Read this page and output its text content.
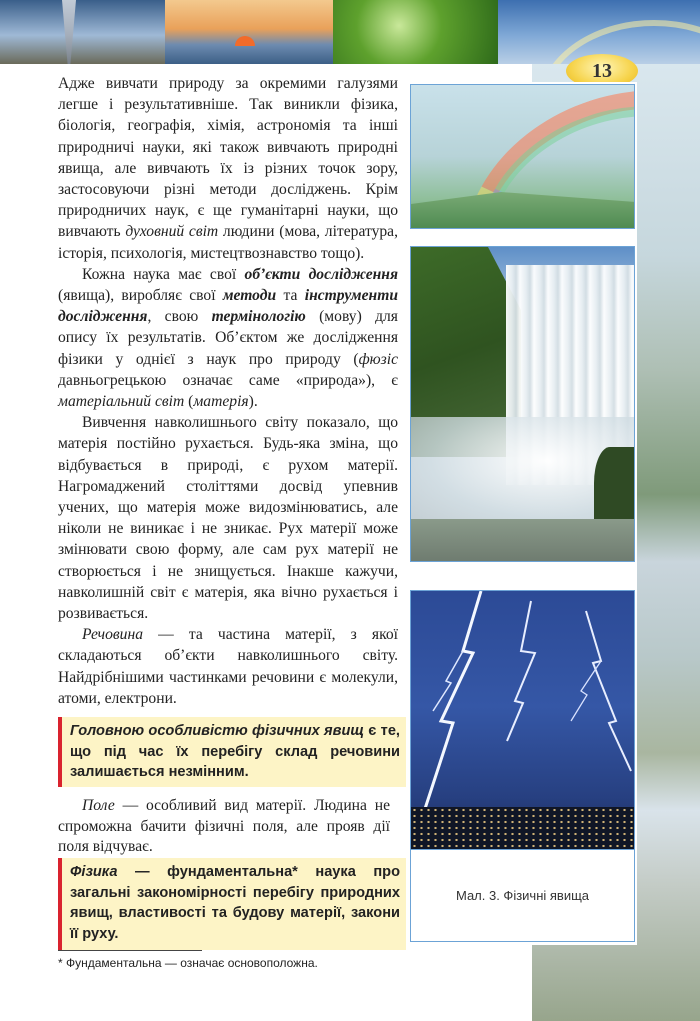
13

Адже вивчати природу за окремими галузями легше і результативніше. Так виникли фізика, біологія, географія, хімія, астрономія та інші природничі науки, які також вивчають природні явища, але вивчають їх із різних точок зору, застосовуючи різні методи досліджень. Крім природничих наук, є ще гуманітарні науки, що вивчають духовний світ людини (мова, література, історія, психологія, мистецтвознавство тощо).

Кожна наука має свої об’єкти дослідження (явища), виробляє свої методи та інструменти дослідження, свою термінологію (мову) для опису їх результатів. Об’єктом же дослідження фізики у однієї з наук про природу (фюзіс давньогрецькою означає саме «природа»), є матеріальний світ (матерія).

Вивчення навколишнього світу показало, що матерія постійно рухається. Будь-яка зміна, що відбувається в природі, є рухом матерії. Нагромаджений століттями досвід упевнив учених, що матерія може видозмінюватись, але ніколи не виникає і не зникає. Рух матерії може змінювати свою форму, але сам рух матерії не створюється і не знищується. Інакше кажучи, навколишній світ є матерія, яка вічно рухається і розвивається.

Речовина — та частина матерії, з якої складаються об’єкти навколишнього світу. Найдрібнішими частинками речовини є молекули, атоми, електрони.

Головною особливістю фізичних явищ є те, що під час їх перебігу склад речовини залишається незмінним.

Поле — особливий вид матерії. Людина не спроможна бачити фізичні поля, але прояв дії поля відчуває.

Фізика — фундаментальна* наука про загальні закономірності перебігу природних явищ, властивості та будову матерії, закони її руху.
* Фундаментальна — означає основоположна.
Мал. 3. Фізичні явища
